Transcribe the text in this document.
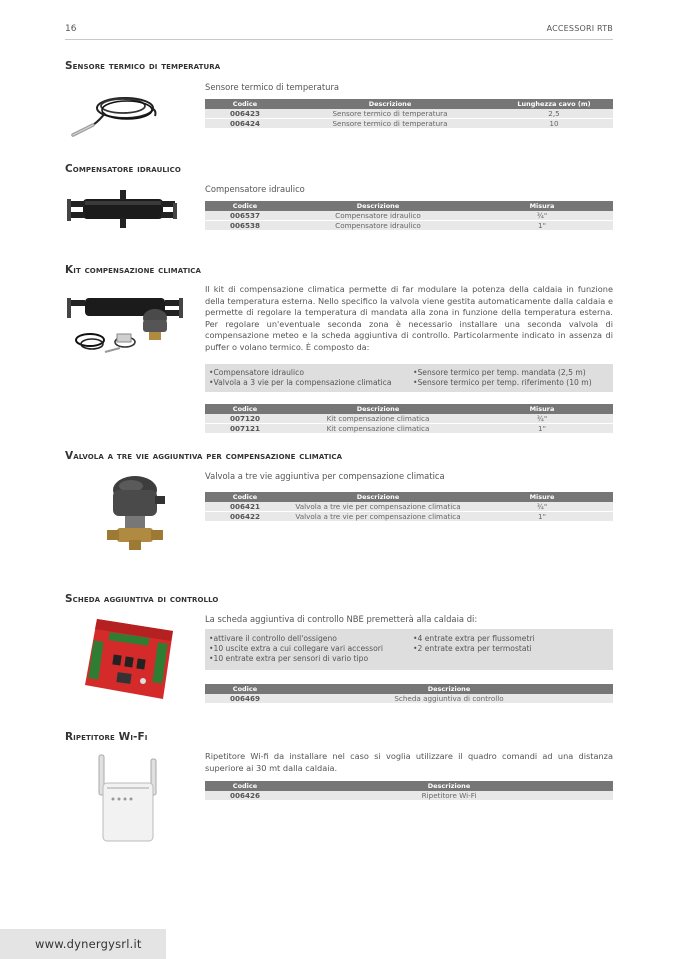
16	ACCESSORI RTB
Sensore termico di temperatura
Sensore termico di temperatura
Codice	Descrizione	Lunghezza cavo (m)
006423	Sensore termico di temperatura	2,5
006424	Sensore termico di temperatura	10
Compensatore idraulico
Compensatore idraulico
Codice	Descrizione	Misura
006537	Compensatore idraulico	¾"
006538	Compensatore idraulico	1"
Kit compensazione climatica
Il kit di compensazione climatica permette di far modulare la potenza della caldaia in funzione della temperatura esterna. Nello specifico la valvola viene gestita automaticamente dalla caldaia e permette di regolare la temperatura di mandata alla zona in funzione della temperatura esterna. Per regolare un'eventuale seconda zona è necessario installare una seconda valvola di compensazione meteo e la scheda aggiuntiva di controllo. Particolarmente indicato in assenza di puffer o volano termico. È composto da:
• Compensatore idraulico	• Sensore termico per temp. mandata (2,5 m)
• Valvola a 3 vie per la compensazione climatica	• Sensore termico per temp. riferimento (10 m)
Codice	Descrizione	Misura
007120	Kit compensazione climatica	¾"
007121	Kit compensazione climatica	1"
Valvola a tre vie aggiuntiva per compensazione climatica
Valvola a tre vie aggiuntiva per compensazione climatica
Codice	Descrizione	Misure
006421	Valvola a tre vie per compensazione climatica	¾"
006422	Valvola a tre vie per compensazione climatica	1"
Scheda aggiuntiva di controllo
La scheda aggiuntiva di controllo NBE premetterà alla caldaia di:
• attivare il controllo dell'ossigeno	• 4 entrate extra per flussometri
• 10 uscite extra a cui collegare vari accessori	• 2 entrate extra per termostati
• 10 entrate extra per sensori di vario tipo
Codice	Descrizione
006469	Scheda aggiuntiva di controllo
Ripetitore Wi-Fi
Ripetitore Wi-fi da installare nel caso si voglia utilizzare il quadro comandi ad una distanza superiore ai 30 mt dalla caldaia.
Codice	Descrizione
006426	Ripetitore Wi-Fi
www.dynergysrl.it
